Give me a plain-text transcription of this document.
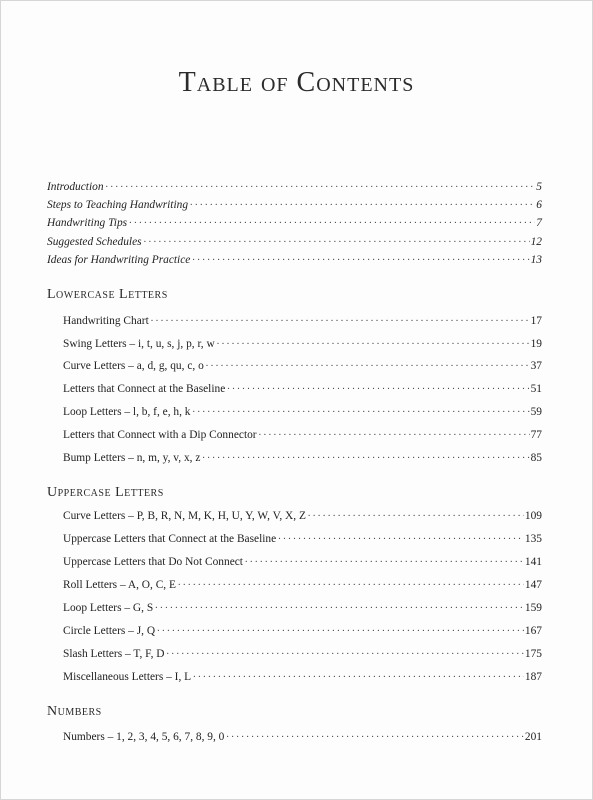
Table of Contents
Introduction . . .	5
Steps to Teaching Handwriting . . .	6
Handwriting Tips . . .	7
Suggested Schedules . . .	12
Ideas for Handwriting Practice . . .	13
Lowercase Letters
Handwriting Chart . . .	17
Swing Letters – i, t, u, s, j, p, r, w . . .	19
Curve Letters – a, d, g, qu, c, o . . .	37
Letters that Connect at the Baseline . . .	51
Loop Letters – l, b, f, e, h, k . . .	59
Letters that Connect with a Dip Connector . . .	77
Bump Letters – n, m, y, v, x, z . . .	85
Uppercase Letters
Curve Letters – P, B, R, N, M, K, H, U, Y, W, V, X, Z . . .	109
Uppercase Letters that Connect at the Baseline . . .	135
Uppercase Letters that Do Not Connect . . .	141
Roll Letters – A, O, C, E . . .	147
Loop Letters – G, S . . .	159
Circle Letters – J, Q . . .	167
Slash Letters – T, F, D . . .	175
Miscellaneous Letters – I, L . . .	187
Numbers
Numbers – 1, 2, 3, 4, 5, 6, 7, 8, 9, 0 . . .	201
